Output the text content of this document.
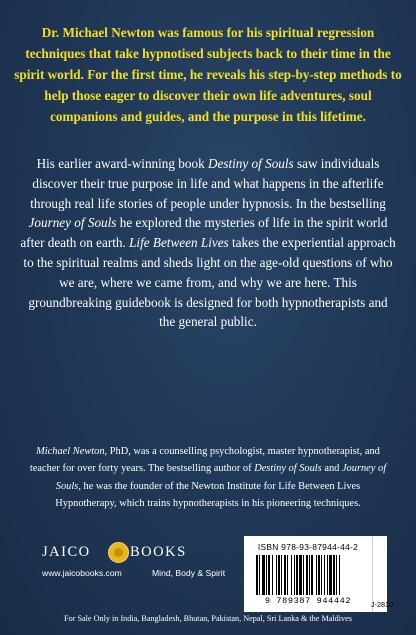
Dr. Michael Newton was famous for his spiritual regression techniques that take hypnotised subjects back to their time in the spirit world. For the first time, he reveals his step-by-step methods to help those eager to discover their own life adventures, soul companions and guides, and the purpose in this lifetime.

His earlier award-winning book Destiny of Souls saw individuals discover their true purpose in life and what happens in the afterlife through real life stories of people under hypnosis. In the bestselling Journey of Souls he explored the mysteries of life in the spirit world after death on earth. Life Between Lives takes the experiential approach to the spiritual realms and sheds light on the age-old questions of who we are, where we came from, and why we are here. This groundbreaking guidebook is designed for both hypnotherapists and the general public.

Michael Newton, PhD, was a counselling psychologist, master hypnotherapist, and teacher for over forty years. The bestselling author of Destiny of Souls and Journey of Souls, he was the founder of the Newton Institute for Life Between Lives Hypnotherapy, which trains hypnotherapists in his pioneering techniques.

JAICO	BOOKS
www.jaicobooks.com	Mind, Body & Spirit
ISBN 978-93-87944-44-2
9 789387 944442	J-2810
For Sale Only in India, Bangladesh, Bhutan, Pakistan, Nepal, Sri Lanka & the Maldives
